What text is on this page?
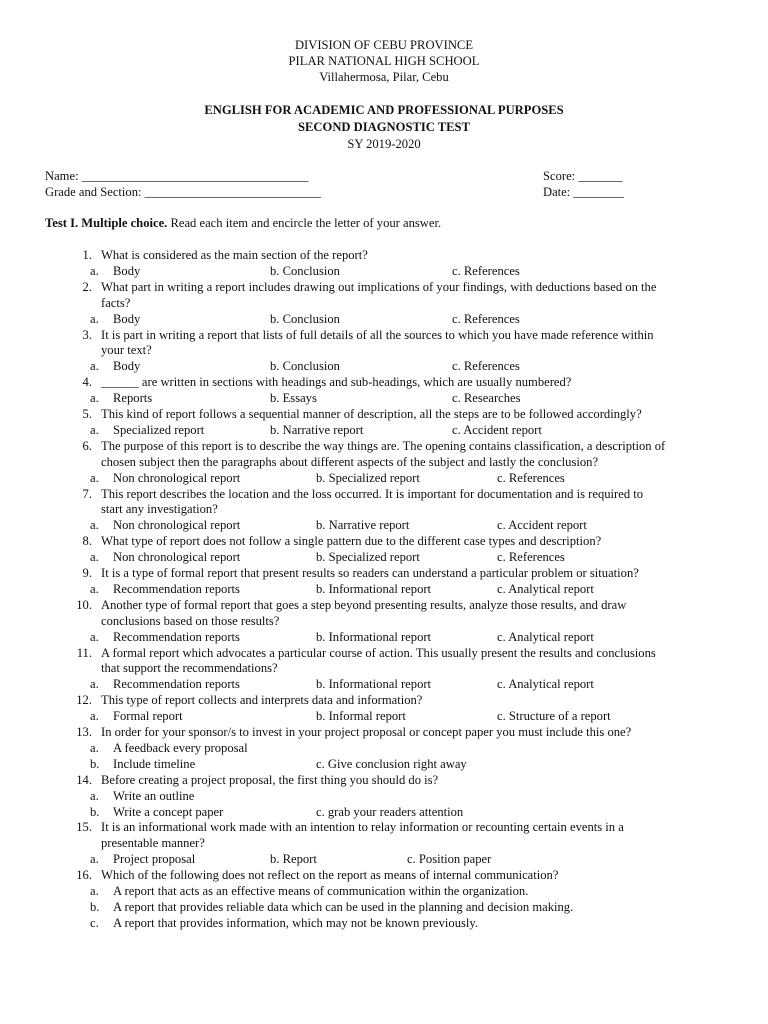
DIVISION OF CEBU PROVINCE
PILAR NATIONAL HIGH SCHOOL
Villahermosa, Pilar, Cebu
ENGLISH FOR ACADEMIC AND PROFESSIONAL PURPOSES
SECOND DIAGNOSTIC TEST
SY 2019-2020
Name: ____________________________________
Grade and Section: ____________________________
Score: _______
Date: ________
Test I. Multiple choice. Read each item and encircle the letter of your answer.
1. What is considered as the main section of the report?
a.	Body	b. Conclusion	c. References
2. What part in writing a report includes drawing out implications of your findings, with deductions based on the
facts?
a.	Body	b. Conclusion	c. References
3. It is part in writing a report that lists of full details of all the sources to which you have made reference within
your text?
a.	Body	b. Conclusion	c. References
4. ______ are written in sections with headings and sub-headings, which are usually numbered?
a.	Reports	b. Essays	c. Researches
5. This kind of report follows a sequential manner of description, all the steps are to be followed accordingly?
a.	Specialized report	b. Narrative report	c. Accident report
6. The purpose of this report is to describe the way things are. The opening contains classification, a description of
chosen subject then the paragraphs about different aspects of the subject and lastly the conclusion?
a.	Non chronological report	b. Specialized report	c. References
7. This report describes the location and the loss occurred. It is important for documentation and is required to
start any investigation?
a.	Non chronological report	b. Narrative report	c. Accident report
8. What type of report does not follow a single pattern due to the different case types and description?
a.	Non chronological report	b. Specialized report	c. References
9. It is a type of formal report that present results so readers can understand a particular problem or situation?
a.	Recommendation reports	b. Informational report	c. Analytical report
10. Another type of formal report that goes a step beyond presenting results, analyze those results, and draw
conclusions based on those results?
a.	Recommendation reports	b. Informational report	c. Analytical report
11. A formal report which advocates a particular course of action. This usually present the results and conclusions
that support the recommendations?
a.	Recommendation reports	b. Informational report	c. Analytical report
12. This type of report collects and interprets data and information?
a.	Formal report	b. Informal report	c. Structure of a report
13. In order for your sponsor/s to invest in your project proposal or concept paper you must include this one?
a.	A feedback every proposal
b.	Include timeline	c. Give conclusion right away
14. Before creating a project proposal, the first thing you should do is?
a.	Write an outline
b.	Write a concept paper	c. grab your readers attention
15. It is an informational work made with an intention to relay information or recounting certain events in a
presentable manner?
a.	Project proposal	b. Report	c. Position paper
16. Which of the following does not reflect on the report as means of internal communication?
a.	A report that acts as an effective means of communication within the organization.
b.	A report that provides reliable data which can be used in the planning and decision making.
c.	A report that provides information, which may not be known previously.
